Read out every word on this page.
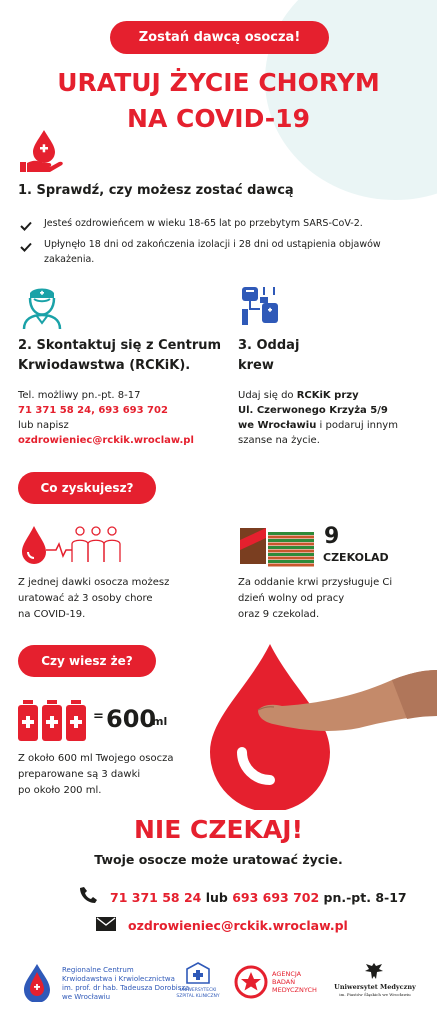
Zostań dawcą osocza!
URATUJ ŻYCIE CHORYM
NA COVID-19
1. Sprawdź, czy możesz zostać dawcą
Jesteś ozdrowieńcem w wieku 18-65 lat po przebytym SARS-CoV-2.
Upłynęło 18 dni od zakończenia izolacji i 28 dni od ustąpienia objawów zakażenia.
2. Skontaktuj się z Centrum
Krwiodawstwa (RCKiK).
Tel. możliwy pn.-pt. 8-17
71 371 58 24, 693 693 702
lub napisz
ozdrowieniec@rckik.wroclaw.pl
3. Oddaj
krew
Udaj się do RCKiK przy
Ul. Czerwonego Krzyża 5/9
we Wrocławiu i podaruj innym
szanse na życie.
Co zyskujesz?
Z jednej dawki osocza możesz
uratować aż 3 osoby chore
na COVID-19.
9
CZEKOLAD
Za oddanie krwi przysługuje Ci
dzień wolny od pracy
oraz 9 czekolad.
Czy wiesz że?
= 600
ml
Z około 600 ml Twojego osocza
preparowane są 3 dawki
po około 200 ml.
NIE CZEKAJ!
Twoje osocze może uratować życie.
71 371 58 24 lub 693 693 702 pn.-pt. 8-17
ozdrowieniec@rckik.wroclaw.pl
Regionalne Centrum
Krwiodawstwa i Krwiolecznictwa
im. prof. dr hab. Tadeusza Dorobisza
we Wrocławiu
UNIWERSYTECKI
SZPITAL KLINICZNY
AGENCJA
BADAŃ
MEDYCZNYCH	Uniwersytet Medyczny
im. Piastów Śląskich we Wrocławiu
